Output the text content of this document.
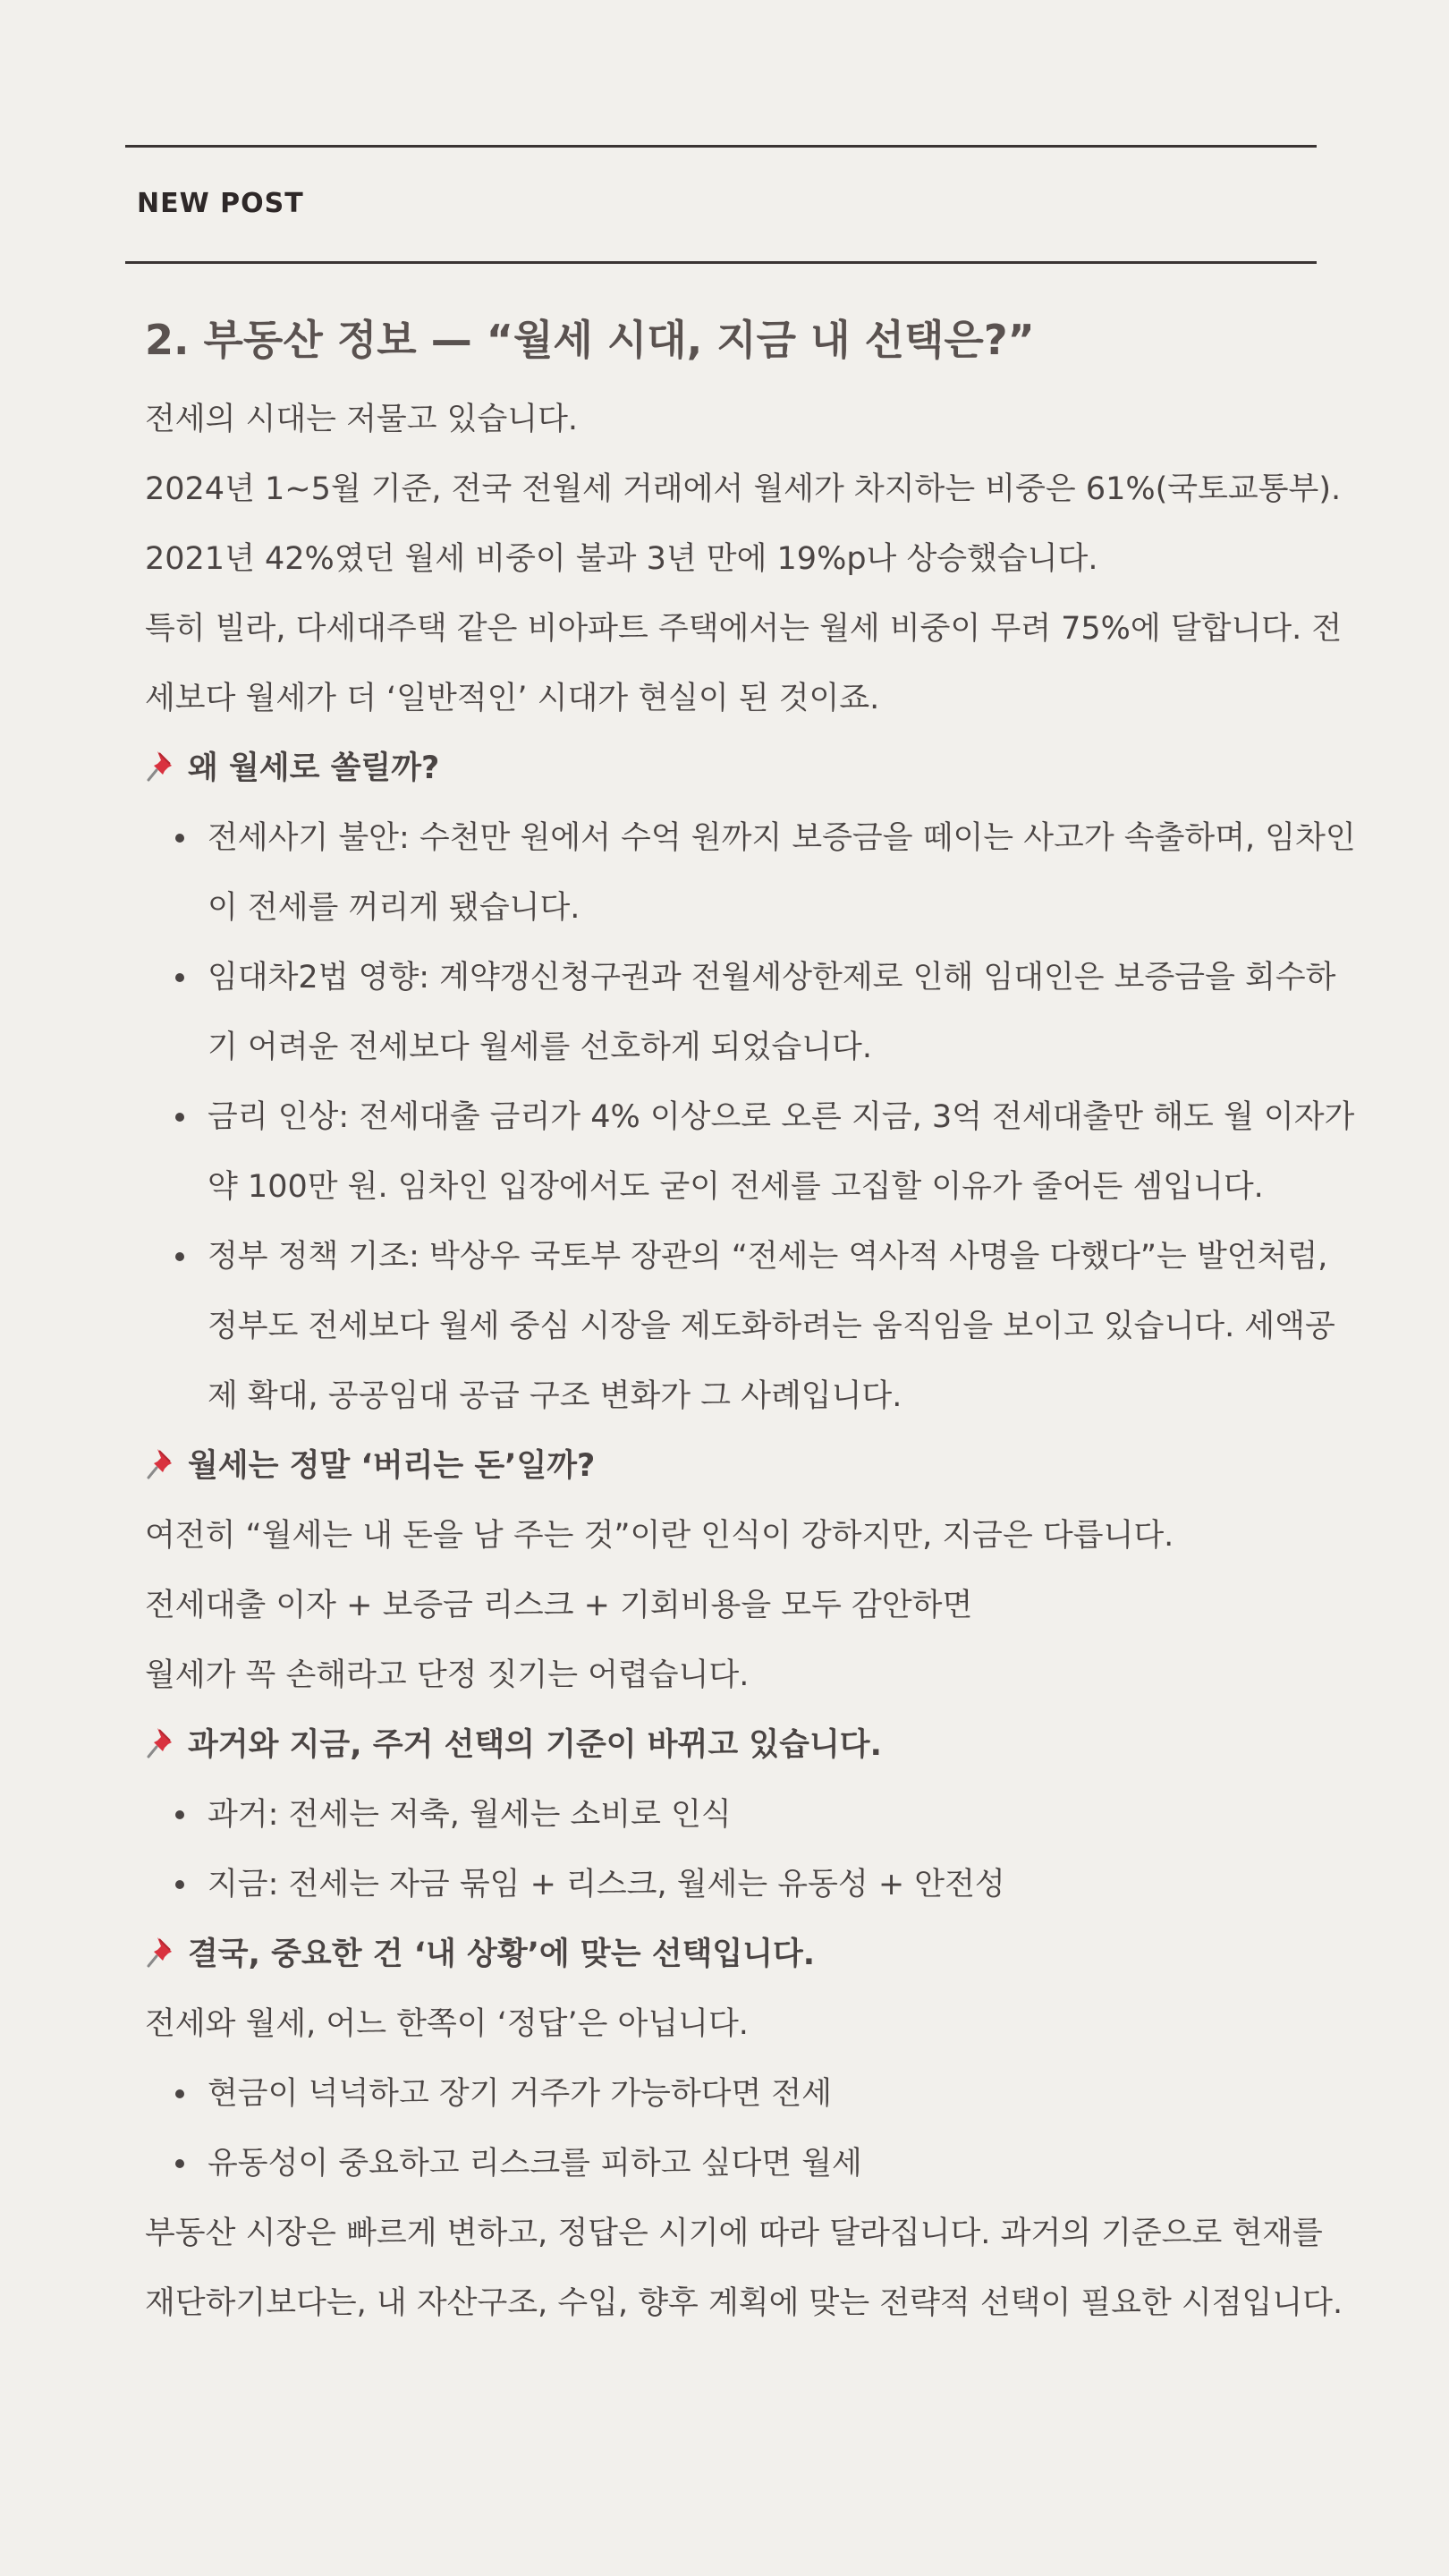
NEW POST
2. 부동산 정보 — “월세 시대, 지금 내 선택은?”

전세의 시대는 저물고 있습니다.

2024년 1~5월 기준, 전국 전월세 거래에서 월세가 차지하는 비중은 61%(국토교통부). 2021년 42%였던 월세 비중이 불과 3년 만에 19%p나 상승했습니다.

특히 빌라, 다세대주택 같은 비아파트 주택에서는 월세 비중이 무려 75%에 달합니다. 전세보다 월세가 더 ‘일반적인’ 시대가 현실이 된 것이죠.

왜 월세로 쏠릴까?
전세사기 불안: 수천만 원에서 수억 원까지 보증금을 떼이는 사고가 속출하며, 임차인이 전세를 꺼리게 됐습니다.
임대차2법 영향: 계약갱신청구권과 전월세상한제로 인해 임대인은 보증금을 회수하기 어려운 전세보다 월세를 선호하게 되었습니다.
금리 인상: 전세대출 금리가 4% 이상으로 오른 지금, 3억 전세대출만 해도 월 이자가 약 100만 원. 임차인 입장에서도 굳이 전세를 고집할 이유가 줄어든 셈입니다.
정부 정책 기조: 박상우 국토부 장관의 “전세는 역사적 사명을 다했다”는 발언처럼, 정부도 전세보다 월세 중심 시장을 제도화하려는 움직임을 보이고 있습니다. 세액공제 확대, 공공임대 공급 구조 변화가 그 사례입니다.
월세는 정말 ‘버리는 돈’일까?

여전히 “월세는 내 돈을 남 주는 것”이란 인식이 강하지만, 지금은 다릅니다.

전세대출 이자 + 보증금 리스크 + 기회비용을 모두 감안하면

월세가 꼭 손해라고 단정 짓기는 어렵습니다.

과거와 지금, 주거 선택의 기준이 바뀌고 있습니다.
과거: 전세는 저축, 월세는 소비로 인식
지금: 전세는 자금 묶임 + 리스크, 월세는 유동성 + 안전성
결국, 중요한 건 ‘내 상황’에 맞는 선택입니다.

전세와 월세, 어느 한쪽이 ‘정답’은 아닙니다.

현금이 넉넉하고 장기 거주가 가능하다면 전세
유동성이 중요하고 리스크를 피하고 싶다면 월세

부동산 시장은 빠르게 변하고, 정답은 시기에 따라 달라집니다. 과거의 기준으로 현재를 재단하기보다는, 내 자산구조, 수입, 향후 계획에 맞는 전략적 선택이 필요한 시점입니다.
